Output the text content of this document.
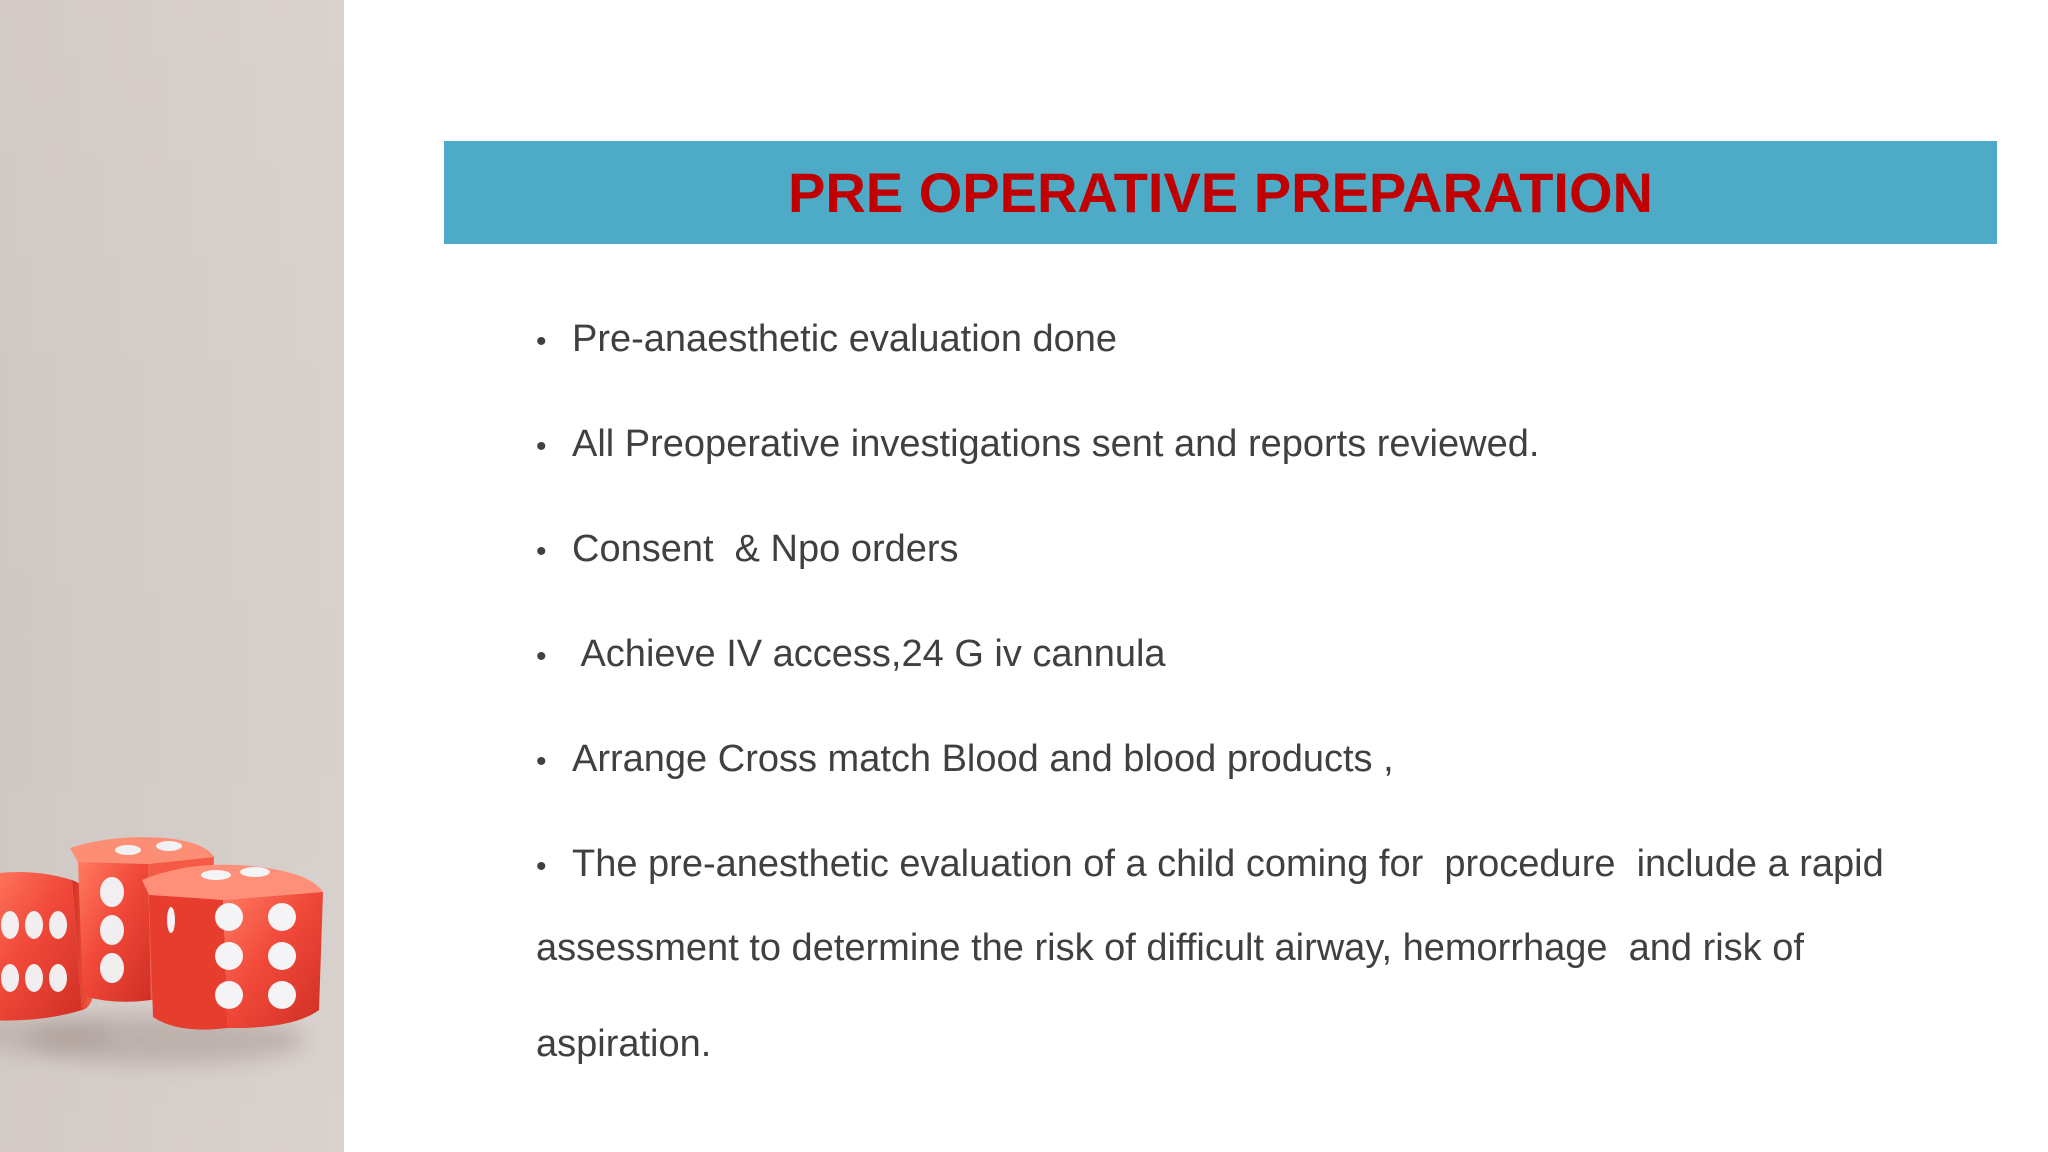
PRE OPERATIVE PREPARATION
• Pre-anaesthetic evaluation done
• All Preoperative investigations sent and reports reviewed.
• Consent  & Npo orders
• Achieve IV access,24 G iv cannula
• Arrange Cross match Blood and blood products ,
• The pre-anesthetic evaluation of a child coming for  procedure  include a rapid
assessment to determine the risk of difficult airway, hemorrhage  and risk of
aspiration.
